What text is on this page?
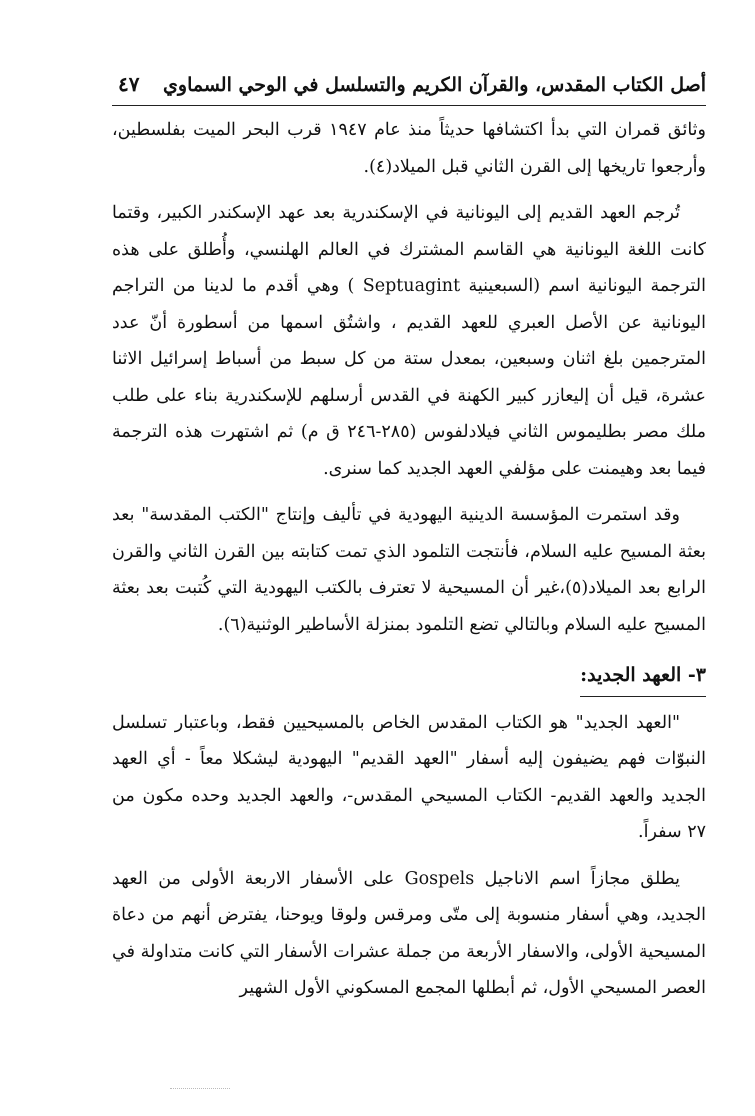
أصل الكتاب المقدس، والقرآن الكريم والتسلسل في الوحي السماوي
٤٧

وثائق قمران التي بدأ اكتشافها حديثاً منذ عام ١٩٤٧ قرب البحر الميت بفلسطين، وأرجعوا تاريخها إلى القرن الثاني قبل الميلاد(٤).

تُرجم العهد القديم إلى اليونانية في الإسكندرية بعد عهد الإسكندر الكبير، وقتما كانت اللغة اليونانية هي القاسم المشترك في العالم الهلنسي، وأُطلق على هذه الترجمة اليونانية اسم (السبعينية Septuagint ) وهي أقدم ما لدينا من التراجم اليونانية عن الأصل العبري للعهد القديم ، واشتُق اسمها من أسطورة أنّ عدد المترجمين بلغ اثنان وسبعين، بمعدل ستة من كل سبط من أسباط إسرائيل الاثنا عشرة، قيل أن إليعازر كبير الكهنة في القدس أرسلهم للإسكندرية بناء على طلب ملك مصر بطليموس الثاني فيلادلفوس (٢٨٥-٢٤٦ ق م) ثم اشتهرت هذه الترجمة فيما بعد وهيمنت على مؤلفي العهد الجديد كما سنرى.

وقد استمرت المؤسسة الدينية اليهودية في تأليف وإنتاج "الكتب المقدسة" بعد بعثة المسيح عليه السلام، فأنتجت التلمود الذي تمت كتابته بين القرن الثاني والقرن الرابع بعد الميلاد(٥)،غير أن المسيحية لا تعترف بالكتب اليهودية التي كُتبت بعد بعثة المسيح عليه السلام وبالتالي تضع التلمود بمنزلة الأساطير الوثنية(٦).

٣- العهد الجديد:

"العهد الجديد" هو الكتاب المقدس الخاص بالمسيحيين فقط، وباعتبار تسلسل النبوّات فهم يضيفون إليه أسفار "العهد القديم" اليهودية ليشكلا معاً - أي العهد الجديد والعهد القديم- الكتاب المسيحي المقدس-، والعهد الجديد وحده مكون من ٢٧ سفراً.

يطلق مجازاً اسم الاناجيل Gospels على الأسفار الاربعة الأولى من العهد الجديد، وهي أسفار منسوبة إلى متّى ومرقس ولوقا ويوحنا، يفترض أنهم من دعاة المسيحية الأولى، والاسفار الأربعة من جملة عشرات الأسفار التي كانت متداولة في العصر المسيحي الأول، ثم أبطلها المجمع المسكوني الأول الشهير
